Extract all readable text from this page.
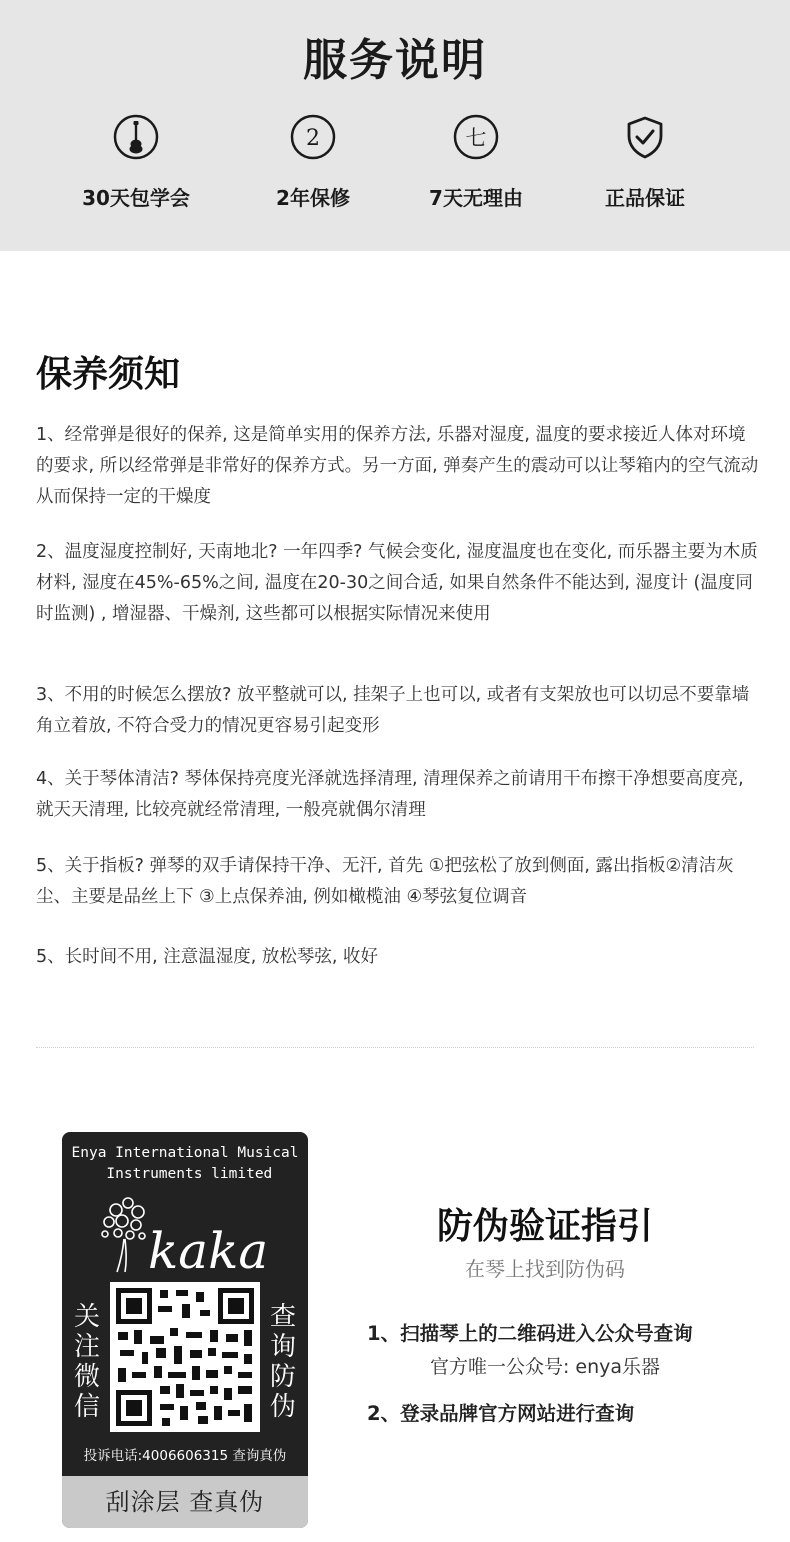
服务说明
30天包学会
2
2年保修
七
7天无理由	正品保证
保养须知
1、经常弹是很好的保养, 这是简单实用的保养方法, 乐器对湿度, 温度的要求接近人体对环境的要求, 所以经常弹是非常好的保养方式。另一方面, 弹奏产生的震动可以让琴箱内的空气流动从而保持一定的干燥度
2、温度湿度控制好, 天南地北? 一年四季? 气候会变化, 湿度温度也在变化, 而乐器主要为木质材料, 湿度在45%-65%之间, 温度在20-30之间合适, 如果自然条件不能达到, 湿度计 (温度同时监测) , 增湿器、干燥剂, 这些都可以根据实际情况来使用
3、不用的时候怎么摆放? 放平整就可以, 挂架子上也可以, 或者有支架放也可以切忌不要靠墙角立着放, 不符合受力的情况更容易引起变形
4、关于琴体清洁? 琴体保持亮度光泽就选择清理, 清理保养之前请用干布擦干净想要高度亮, 就天天清理, 比较亮就经常清理, 一般亮就偶尔清理
5、关于指板? 弹琴的双手请保持干净、无汗, 首先 ①把弦松了放到侧面, 露出指板②清洁灰尘、主要是品丝上下 ③上点保养油, 例如橄榄油 ④琴弦复位调音
5、长时间不用, 注意温湿度, 放松琴弦, 收好
Enya International Musical
Instruments limited
kaka
关注微信
查询防伪
投诉电话:4006606315 查询真伪
刮涂层 查真伪
防伪验证指引
在琴上找到防伪码
1、扫描琴上的二维码进入公众号查询
官方唯一公众号: enya乐器
2、登录品牌官方网站进行查询
